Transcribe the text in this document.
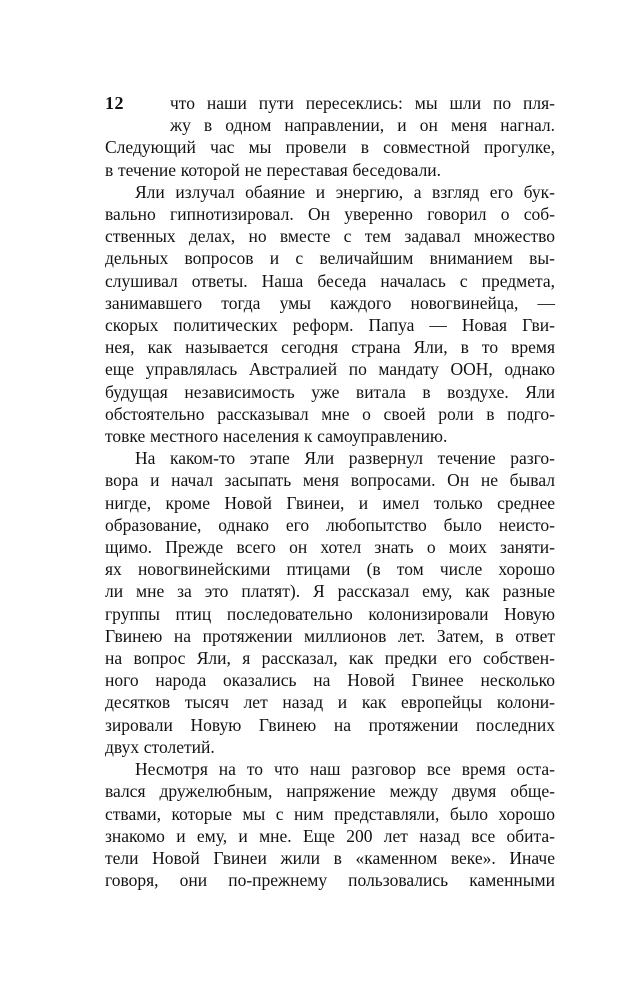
12	что наши пути пересеклись: мы шли по пля-
жу в одном направлении, и он меня нагнал.
Следующий час мы провели в совместной прогулке,
в течение которой не переставая беседовали.
Яли излучал обаяние и энергию, а взгляд его бук-
вально гипнотизировал. Он уверенно говорил о соб-
ственных делах, но вместе с тем задавал множество
дельных вопросов и с величайшим вниманием вы-
слушивал ответы. Наша беседа началась с предмета,
занимавшего тогда умы каждого новогвинейца, —
скорых политических реформ. Папуа — Новая Гви-
нея, как называется сегодня страна Яли, в то время
еще управлялась Австралией по мандату ООН, однако
будущая независимость уже витала в воздухе. Яли
обстоятельно рассказывал мне о своей роли в подго-
товке местного населения к самоуправлению.
На каком-то этапе Яли развернул течение разго-
вора и начал засыпать меня вопросами. Он не бывал
нигде, кроме Новой Гвинеи, и имел только среднее
образование, однако его любопытство было неисто-
щимо. Прежде всего он хотел знать о моих заняти-
ях новогвинейскими птицами (в том числе хорошо
ли мне за это платят). Я рассказал ему, как разные
группы птиц последовательно колонизировали Новую
Гвинею на протяжении миллионов лет. Затем, в ответ
на вопрос Яли, я рассказал, как предки его собствен-
ного народа оказались на Новой Гвинее несколько
десятков тысяч лет назад и как европейцы колони-
зировали Новую Гвинею на протяжении последних
двух столетий.
Несмотря на то что наш разговор все время оста-
вался дружелюбным, напряжение между двумя обще-
ствами, которые мы с ним представляли, было хорошо
знакомо и ему, и мне. Еще 200 лет назад все обита-
тели Новой Гвинеи жили в «каменном веке». Иначе
говоря, они по-прежнему пользовались каменными
